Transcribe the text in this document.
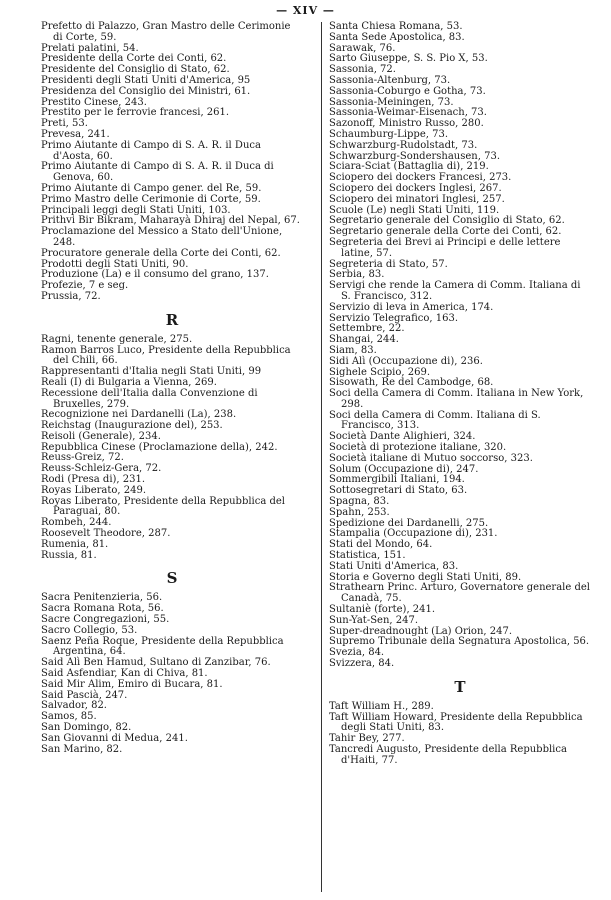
— XIV —
Prefetto di Palazzo, Gran Mastro delle Cerimonie di Corte, 59.
Prelati palatini, 54.
Presidente della Corte dei Conti, 62.
Presidente del Consiglio di Stato, 62.
Presidenti degli Stati Uniti d'America, 95
Presidenza del Consiglio dei Ministri, 61.
Prestito Cinese, 243.
Prestito per le ferrovie francesi, 261.
Preti, 53.
Prevesa, 241.
Primo Aiutante di Campo di S. A. R. il Duca d'Aosta, 60.
Primo Aiutante di Campo di S. A. R. il Duca di Genova, 60.
Primo Aiutante di Campo gener. del Re, 59.
Primo Mastro delle Cerimonie di Corte, 59.
Principali leggi degli Stati Uniti, 103.
Prithvi Bir Bikram, Maharayà Dhiraj del Nepal, 67.
Proclamazione del Messico a Stato dell'Unione, 248.
Procuratore generale della Corte dei Conti, 62.
Prodotti degli Stati Uniti, 90.
Produzione (La) e il consumo del grano, 137.
Profezie, 7 e seg.
Prussia, 72.
R
Ragni, tenente generale, 275.
Ramon Barros Luco, Presidente della Repubblica del Chili, 66.
Rappresentanti d'Italia negli Stati Uniti, 99
Reali (I) di Bulgaria a Vienna, 269.
Recessione dell'Italia dalla Convenzione di Bruxelles, 279.
Recognizione nei Dardanelli (La), 238.
Reichstag (Inaugurazione del), 253.
Reisoli (Generale), 234.
Repubblica Cinese (Proclamazione della), 242.
Reuss-Greiz, 72.
Reuss-Schleiz-Gera, 72.
Rodi (Presa di), 231.
Royas Liberato, 249.
Royas Liberato, Presidente della Repubblica del Paraguai, 80.
Rombeh, 244.
Roosevelt Theodore, 287.
Rumenia, 81.
Russia, 81.
S
Sacra Penitenzieria, 56.
Sacra Romana Rota, 56.
Sacre Congregazioni, 55.
Sacro Collegio, 53.
Saenz Peña Roque, Presidente della Repubblica Argentina, 64.
Said Alì Ben Hamud, Sultano di Zanzibar, 76.
Said Asfendiar, Kan di Chiva, 81.
Said Mir Alim, Emiro di Bucara, 81.
Said Pascià, 247.
Salvador, 82.
Samos, 85.
San Domingo, 82.
San Giovanni di Medua, 241.
San Marino, 82.
Santa Chiesa Romana, 53.
Santa Sede Apostolica, 83.
Sarawak, 76.
Sarto Giuseppe, S. S. Pio X, 53.
Sassonia, 72.
Sassonia-Altenburg, 73.
Sassonia-Coburgo e Gotha, 73.
Sassonia-Meiningen, 73.
Sassonia-Weimar-Eisenach, 73.
Sazonoff, Ministro Russo, 280.
Schaumburg-Lippe, 73.
Schwarzburg-Rudolstadt, 73.
Schwarzburg-Sondershausen, 73.
Sciara-Sciat (Battaglia di), 219.
Sciopero dei dockers Francesi, 273.
Sciopero dei dockers Inglesi, 267.
Sciopero dei minatori Inglesi, 257.
Scuole (Le) negli Stati Uniti, 119.
Segretario generale del Consiglio di Stato, 62.
Segretario generale della Corte dei Conti, 62.
Segreteria dei Brevi ai Principi e delle lettere latine, 57.
Segreteria di Stato, 57.
Serbia, 83.
Servigi che rende la Camera di Comm. Italiana di S. Francisco, 312.
Servizio di leva in America, 174.
Servizio Telegrafico, 163.
Settembre, 22.
Shangai, 244.
Siam, 83.
Sidi Alì (Occupazione di), 236.
Sighele Scipio, 269.
Sisowath, Re del Cambodge, 68.
Soci della Camera di Comm. Italiana in New York, 298.
Soci della Camera di Comm. Italiana di S. Francisco, 313.
Società Dante Alighieri, 324.
Società di protezione italiane, 320.
Società italiane di Mutuo soccorso, 323.
Solum (Occupazione di), 247.
Sommergibili Italiani, 194.
Sottosegretari di Stato, 63.
Spagna, 83.
Spahn, 253.
Spedizione dei Dardanelli, 275.
Stampalia (Occupazione di), 231.
Stati del Mondo, 64.
Statistica, 151.
Stati Uniti d'America, 83.
Storia e Governo degli Stati Uniti, 89.
Strathearn Princ. Arturo, Governatore generale del Canadà, 75.
Sultaniè (forte), 241.
Sun-Yat-Sen, 247.
Super-dreadnought (La) Orion, 247.
Supremo Tribunale della Segnatura Apostolica, 56.
Svezia, 84.
Svizzera, 84.
T
Taft William H., 289.
Taft William Howard, Presidente della Repubblica degli Stati Uniti, 83.
Tahir Bey, 277.
Tancredi Augusto, Presidente della Repubblica d'Haiti, 77.
